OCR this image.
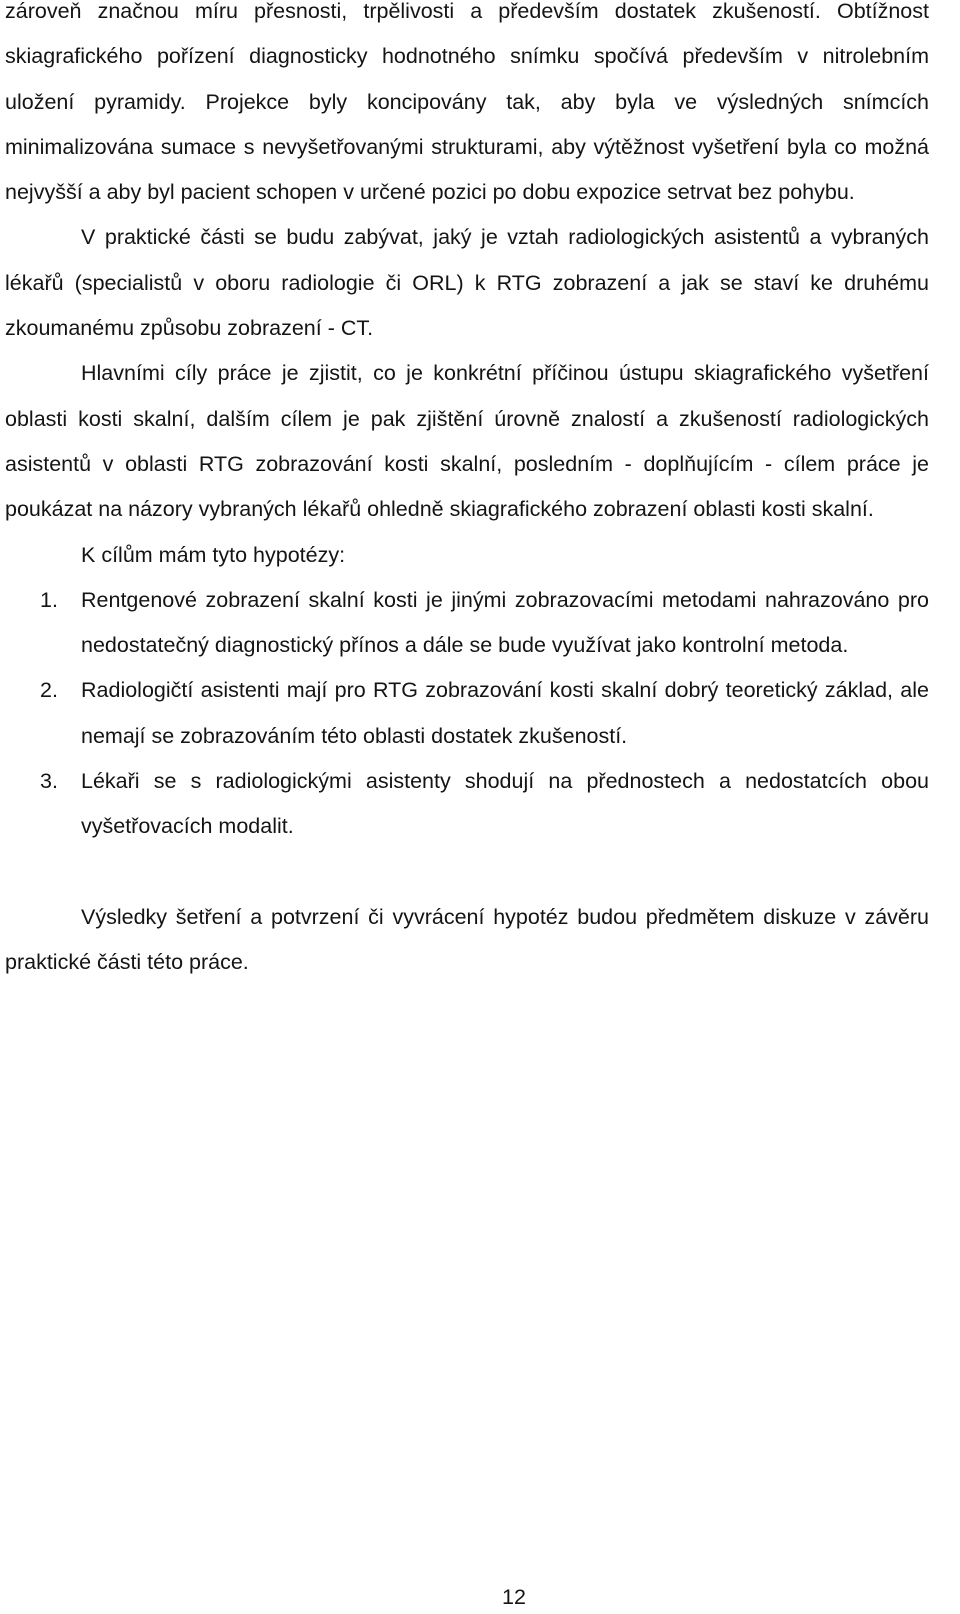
zároveň značnou míru přesnosti, trpělivosti a především dostatek zkušeností. Obtížnost skiagrafického pořízení diagnosticky hodnotného snímku spočívá především v nitrolebním uložení pyramidy. Projekce byly koncipovány tak, aby byla ve výsledných snímcích minimalizována sumace s nevyšetřovanými strukturami, aby výtěžnost vyšetření byla co možná nejvyšší a aby byl pacient schopen v určené pozici po dobu expozice setrvat bez pohybu.

V praktické části se budu zabývat, jaký je vztah radiologických asistentů a vybraných lékařů (specialistů v oboru radiologie či ORL) k RTG zobrazení a jak se staví ke druhému zkoumanému způsobu zobrazení - CT.

Hlavními cíly práce je zjistit, co je konkrétní příčinou ústupu skiagrafického vyšetření oblasti kosti skalní, dalším cílem je pak zjištění úrovně znalostí a zkušeností radiologických asistentů v oblasti RTG zobrazování kosti skalní, posledním - doplňujícím - cílem práce je poukázat na názory vybraných lékařů ohledně skiagrafického zobrazení oblasti kosti skalní.

K cílům mám tyto hypotézy:

1. Rentgenové zobrazení skalní kosti je jinými zobrazovacími metodami nahrazováno pro nedostatečný diagnostický přínos a dále se bude využívat jako kontrolní metoda.
2. Radiologičtí asistenti mají pro RTG zobrazování kosti skalní dobrý teoretický základ, ale nemají se zobrazováním této oblasti dostatek zkušeností.
3. Lékaři se s radiologickými asistenty shodují na přednostech a nedostatcích obou vyšetřovacích modalit.

Výsledky šetření a potvrzení či vyvrácení hypotéz budou předmětem diskuze v závěru praktické části této práce.

12
